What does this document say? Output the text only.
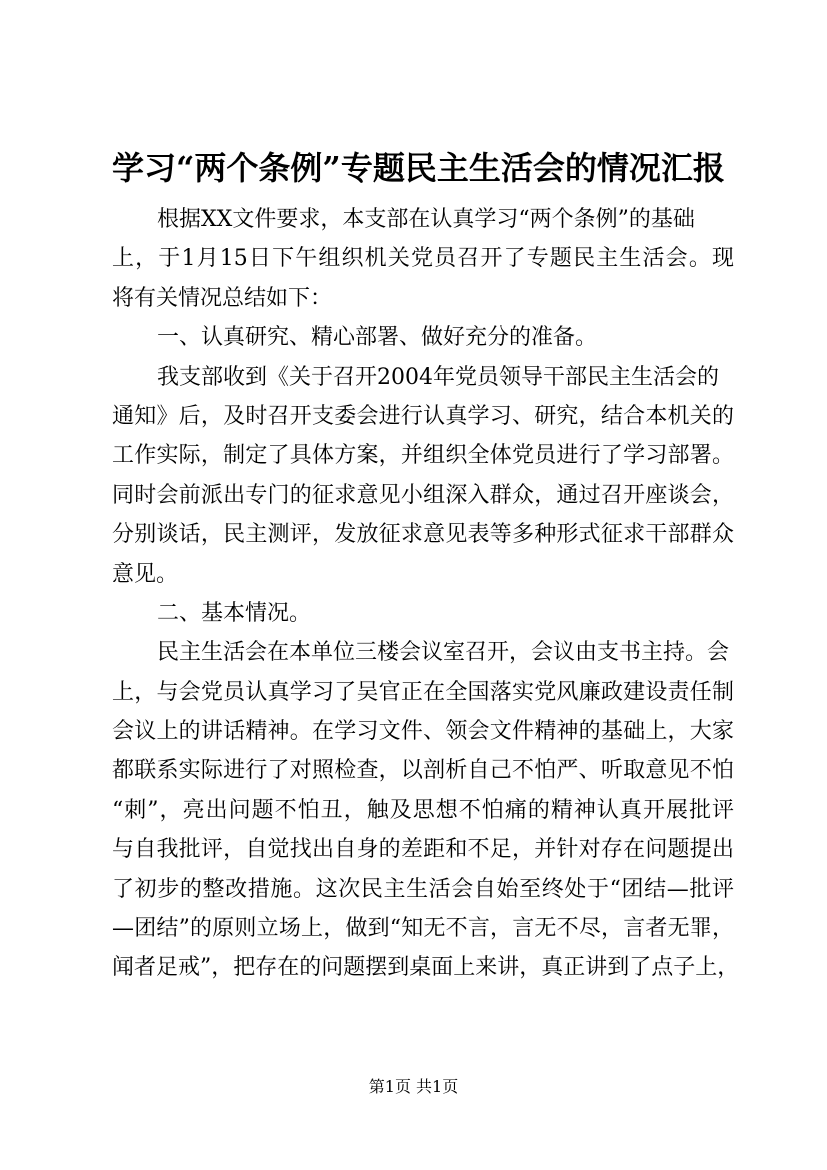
学习“两个条例”专题民主生活会的情况汇报
根据XX文件要求，本支部在认真学习“两个条例”的基础
上，于1月15日下午组织机关党员召开了专题民主生活会。现
将有关情况总结如下：
一、认真研究、精心部署、做好充分的准备。
我支部收到《关于召开2004年党员领导干部民主生活会的
通知》后，及时召开支委会进行认真学习、研究，结合本机关的
工作实际，制定了具体方案，并组织全体党员进行了学习部署。
同时会前派出专门的征求意见小组深入群众，通过召开座谈会，
分别谈话，民主测评，发放征求意见表等多种形式征求干部群众
意见。
二、基本情况。
民主生活会在本单位三楼会议室召开，会议由支书主持。会
上，与会党员认真学习了吴官正在全国落实党风廉政建设责任制
会议上的讲话精神。在学习文件、领会文件精神的基础上，大家
都联系实际进行了对照检查，以剖析自己不怕严、听取意见不怕
“刺”，亮出问题不怕丑，触及思想不怕痛的精神认真开展批评
与自我批评，自觉找出自身的差距和不足，并针对存在问题提出
了初步的整改措施。这次民主生活会自始至终处于“团结—批评
—团结”的原则立场上，做到“知无不言，言无不尽，言者无罪，
闻者足戒”，把存在的问题摆到桌面上来讲，真正讲到了点子上，
第1页 共1页
